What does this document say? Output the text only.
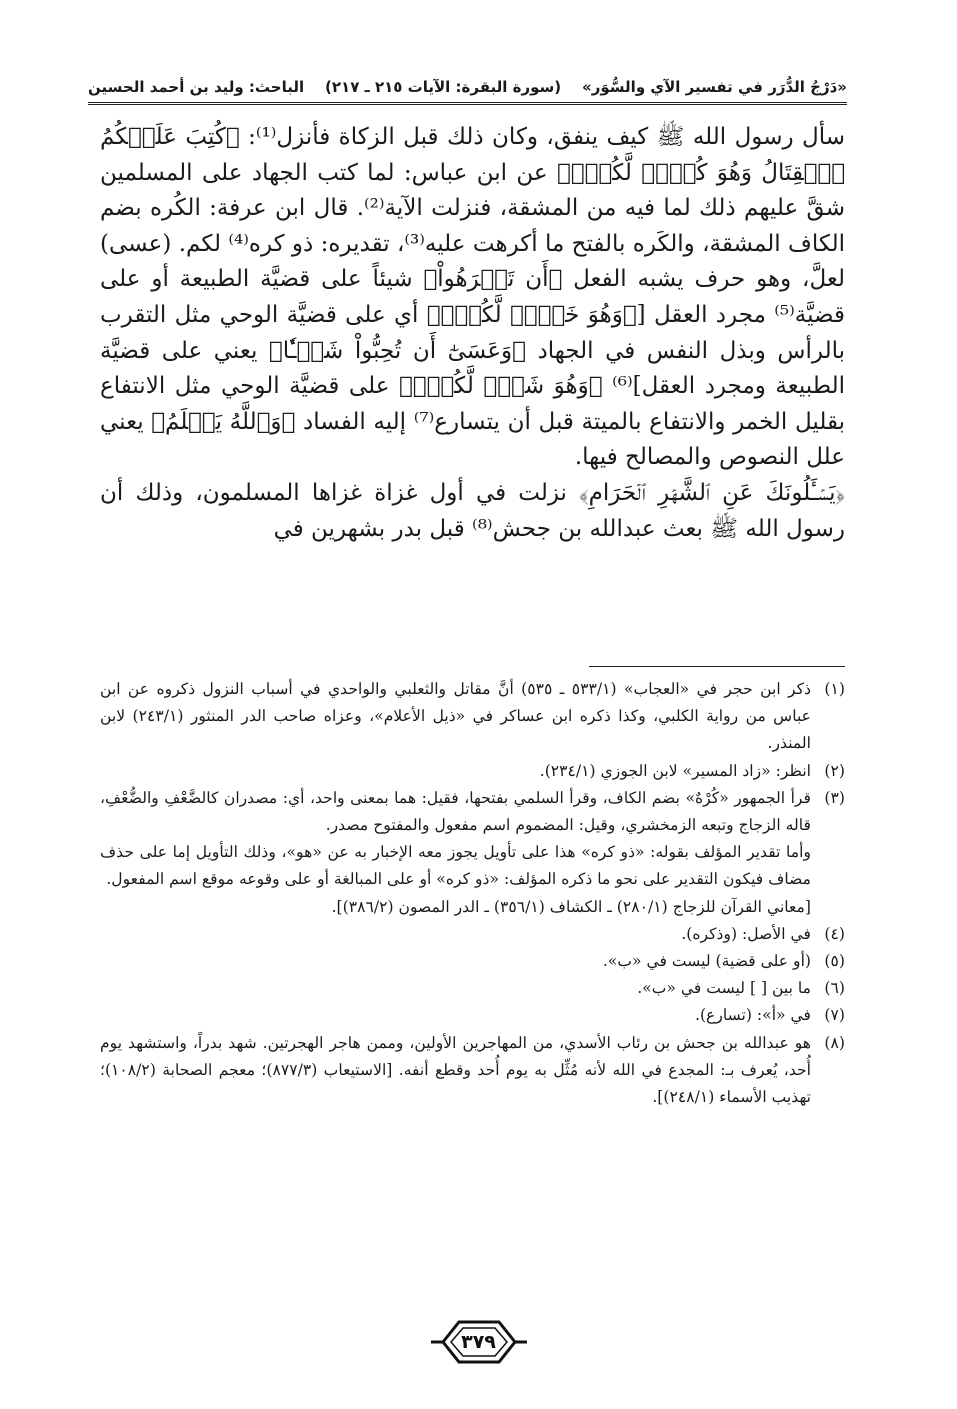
«دَرْجُ الدُّرَر في تفسير الآي والسُّوَر»
(سورة البقرة: الآيات ٢١٥ ـ ٢١٧)
الباحث: وليد بن أحمد الحسين

سأل رسول الله ﷺ كيف ينفق، وكان ذلك قبل الزكاة فأنزل⁽¹⁾: ﴿كُتِبَ عَلَيۡكُمُ ٱلۡقِتَالُ وَهُوَ كُرۡهٞ لَّكُمۡۖ﴾ عن ابن عباس: لما كتب الجهاد على المسلمين شقَّ عليهم ذلك لما فيه من المشقة، فنزلت الآية⁽²⁾. قال ابن عرفة: الكُره بضم الكاف المشقة، والكَره بالفتح ما أكرهت عليه⁽³⁾، تقديره: ذو كره⁽⁴⁾ لكم. (عسى) لعلَّ، وهو حرف يشبه الفعل ﴿أَن تَكۡرَهُواْ﴾ شيئاً على قضيَّة الطبيعة أو على قضيَّة⁽⁵⁾ مجرد العقل [﴿وَهُوَ خَيۡرٞ لَّكُمۡۖ﴾ أي على قضيَّة الوحي مثل التقرب بالرأس وبذل النفس في الجهاد ﴿وَعَسَىٰٓ أَن تُحِبُّواْ شَيۡـٔٗا﴾ يعني على قضيَّة الطبيعة ومجرد العقل]⁽⁶⁾ ﴿وَهُوَ شَرّٞ لَّكُمۡۚ﴾ على قضيَّة الوحي مثل الانتفاع بقليل الخمر والانتفاع بالميتة قبل أن يتسارع⁽⁷⁾ إليه الفساد ﴿وَٱللَّهُ يَعۡلَمُ﴾ يعني علل النصوص والمصالح فيها.

﴿يَسۡـَٔلُونَكَ عَنِ ٱلشَّهۡرِ ٱلۡحَرَامِ﴾ نزلت في أول غزاة غزاها المسلمون، وذلك أن رسول الله ﷺ بعث عبدالله بن جحش⁽⁸⁾ قبل بدر بشهرين في

(١)

ذكر ابن حجر في «العجاب» (٥٣٣/١ ـ ٥٣٥) أنَّ مقاتل والثعلبي والواحدي في أسباب النزول ذكروه عن ابن عباس من رواية الكلبي، وكذا ذكره ابن عساكر في «ذيل الأعلام»، وعزاه صاحب الدر المنثور (٢٤٣/١) لابن المنذر.

(٢)

انظر: «زاد المسير» لابن الجوزي (٢٣٤/١).

(٣)

قرأ الجمهور «كُرْهٌ» بضم الكاف، وقرأ السلمي بفتحها، فقيل: هما بمعنى واحد، أي: مصدران كالضَّعْفِ والضُّعْفِ، قاله الزجاج وتبعه الزمخشري، وقيل: المضموم اسم مفعول والمفتوح مصدر.

وأما تقدير المؤلف بقوله: «ذو كره» هذا على تأويل يجوز معه الإخبار به عن «هو»، وذلك التأويل إما على حذف مضاف فيكون التقدير على نحو ما ذكره المؤلف: «ذو كره» أو على المبالغة أو على وقوعه موقع اسم المفعول.

[معاني القرآن للزجاج (٢٨٠/١) ـ الكشاف (٣٥٦/١) ـ الدر المصون (٣٨٦/٢)].

(٤)

في الأصل: (وذكره).

(٥)

(أو على قضية) ليست في «ب».

(٦)

ما بين [ ] ليست في «ب».

(٧)

في «أ»: (تسارع).

(٨)

هو عبدالله بن جحش بن رئاب الأسدي، من المهاجرين الأولين، وممن هاجر الهجرتين. شهد بدراً، واستشهد يوم أُحد، يُعرف بـ: المجدع في الله لأنه مُثِّل به يوم أُحد وقطع أنفه. [الاستيعاب (٨٧٧/٣)؛ معجم الصحابة (١٠٨/٢)؛ تهذيب الأسماء (٢٤٨/١)].

٣٧٩
